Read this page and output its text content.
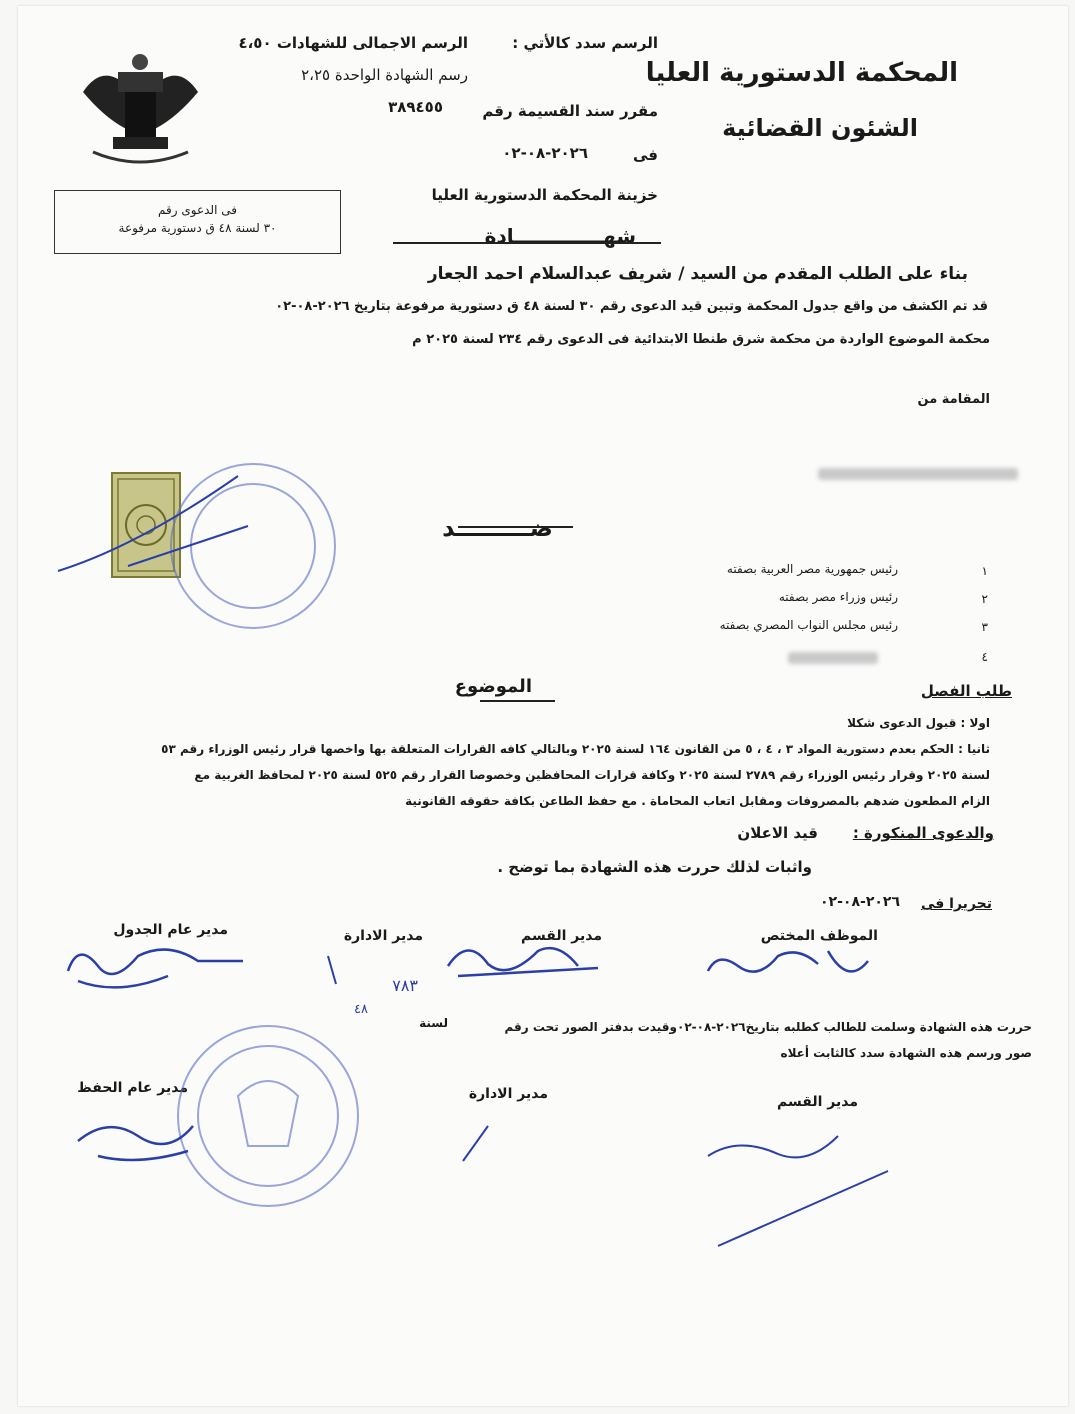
المحكمة الدستورية العليا
الشئون القضائية
الرسم سدد كالأتي :
الرسم الاجمالى للشهادات ٤،٥٠
رسم الشهادة الواحدة ٢،٢٥
مقرر سند القسيمة رقم
٣٨٩٤٥٥
فى
٢٠٢٦-٠٨-٠٢
خزينة المحكمة الدستورية العليا
فى الدعوى رقم
٣٠ لسنة ٤٨ ق دستورية مرفوعة	شهـــــــــــــادة
بناء على الطلب المقدم من السيد / شريف عبدالسلام احمد الجعار
قد تم الكشف من واقع جدول المحكمة وتبين قيد الدعوى رقم ٣٠ لسنة ٤٨ ق دستورية مرفوعة بتاريخ ٢٠٢٦-٠٨-٠٢
محكمة الموضوع الواردة من محكمة شرق طنطا الابتدائية فى الدعوى رقم ٢٣٤ لسنة ٢٠٢٥ م
المقامة من
ضـــــــــد
١
رئيس جمهورية مصر العربية بصفته
٢
رئيس وزراء مصر بصفته
٣
رئيس مجلس النواب المصري بصفته
٤
الموضوع	طلب الفصل
اولا : قبول الدعوى شكلا
ثانيا : الحكم بعدم دستورية المواد ٣ ، ٤ ، ٥ من القانون ١٦٤ لسنة ٢٠٢٥ وبالتالي كافه القرارات المتعلقة بها واخصها قرار رئيس الوزراء رقم ٥٣
لسنة ٢٠٢٥ وقرار رئيس الوزراء رقم ٢٧٨٩ لسنة ٢٠٢٥ وكافة قرارات المحافظين وخصوصا القرار رقم ٥٢٥ لسنة ٢٠٢٥ لمحافظ الغربية مع
الزام المطعون ضدهم بالمصروفات ومقابل اتعاب المحاماة . مع حفظ الطاعن بكافة حقوقه القانونية
والدعوى المنكورة :
قيد الاعلان
واثبات لذلك حررت هذه الشهادة بما توضح .
تحريرا فى
٢٠٢٦-٠٨-٠٢
الموظف المختص
مدير القسم
مدير الادارة
مدير عام الجدول
٧٨٣
حررت هذه الشهادة وسلمت للطالب كطلبه بتاريخ٢٠٢٦-٠٨-٠٢وقيدت بدفتر الصور تحت رقم
لسنة
٤٨
صور ورسم هذه الشهادة سدد كالثابت أعلاه
مدير القسم
مدير الادارة
مدير عام الحفظ
